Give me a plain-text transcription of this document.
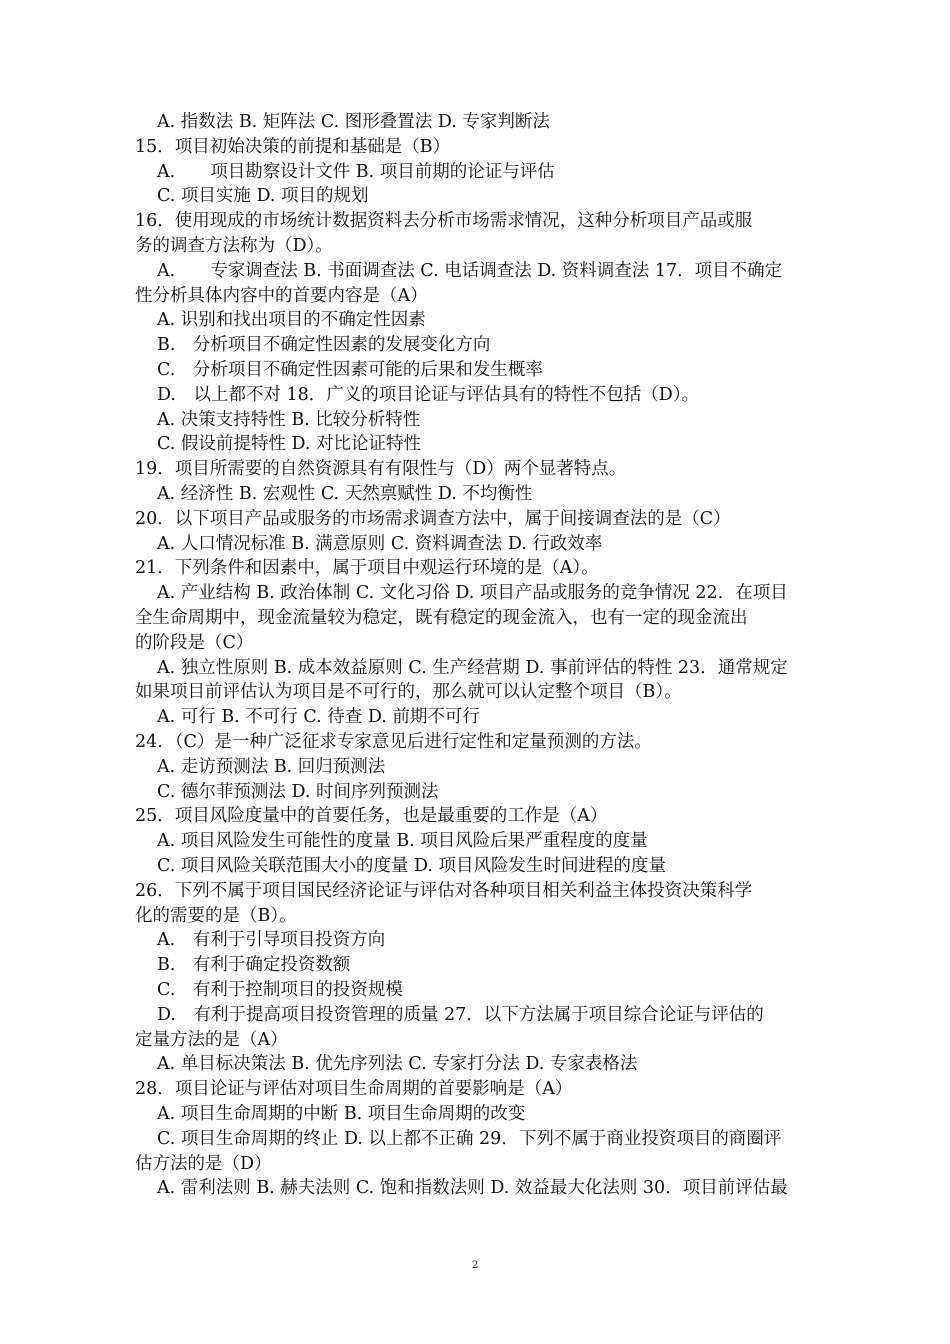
A. 指数法 B. 矩阵法 C. 图形叠置法 D. 专家判断法
15．项目初始决策的前提和基础是（B）
A.　　项目勘察设计文件 B. 项目前期的论证与评估
C. 项目实施 D. 项目的规划
16．使用现成的市场统计数据资料去分析市场需求情况，这种分析项目产品或服
务的调查方法称为（D）。
A.　　专家调查法 B. 书面调查法 C. 电话调查法 D. 资料调查法 17．项目不确定
性分析具体内容中的首要内容是（A）
A. 识别和找出项目的不确定性因素
B.　分析项目不确定性因素的发展变化方向
C.　分析项目不确定性因素可能的后果和发生概率
D.　以上都不对 18．广义的项目论证与评估具有的特性不包括（D）。
A. 决策支持特性 B. 比较分析特性
C. 假设前提特性 D. 对比论证特性
19．项目所需要的自然资源具有有限性与（D）两个显著特点。
A. 经济性 B. 宏观性 C. 天然禀赋性 D. 不均衡性
20．以下项目产品或服务的市场需求调查方法中，属于间接调查法的是（C）
A. 人口情况标准 B. 满意原则 C. 资料调查法 D. 行政效率
21．下列条件和因素中，属于项目中观运行环境的是（A）。
A. 产业结构 B. 政治体制 C. 文化习俗 D. 项目产品或服务的竞争情况 22．在项目
全生命周期中，现金流量较为稳定，既有稳定的现金流入，也有一定的现金流出
的阶段是（C）
A. 独立性原则 B. 成本效益原则 C. 生产经营期 D. 事前评估的特性 23．通常规定
如果项目前评估认为项目是不可行的，那么就可以认定整个项目（B）。
A. 可行 B. 不可行 C. 待查 D. 前期不可行
24．（C）是一种广泛征求专家意见后进行定性和定量预测的方法。
A. 走访预测法 B. 回归预测法
C. 德尔菲预测法 D. 时间序列预测法
25．项目风险度量中的首要任务，也是最重要的工作是（A）
A. 项目风险发生可能性的度量 B. 项目风险后果严重程度的度量
C. 项目风险关联范围大小的度量 D. 项目风险发生时间进程的度量
26．下列不属于项目国民经济论证与评估对各种项目相关利益主体投资决策科学
化的需要的是（B）。
A.　有利于引导项目投资方向
B.　有利于确定投资数额
C.　有利于控制项目的投资规模
D.　有利于提高项目投资管理的质量 27．以下方法属于项目综合论证与评估的
定量方法的是（A）
A. 单目标决策法 B. 优先序列法 C. 专家打分法 D. 专家表格法
28．项目论证与评估对项目生命周期的首要影响是（A）
A. 项目生命周期的中断 B. 项目生命周期的改变
C. 项目生命周期的终止 D. 以上都不正确 29．下列不属于商业投资项目的商圈评
估方法的是（D）
A. 雷利法则 B. 赫夫法则 C. 饱和指数法则 D. 效益最大化法则 30．项目前评估最
2
